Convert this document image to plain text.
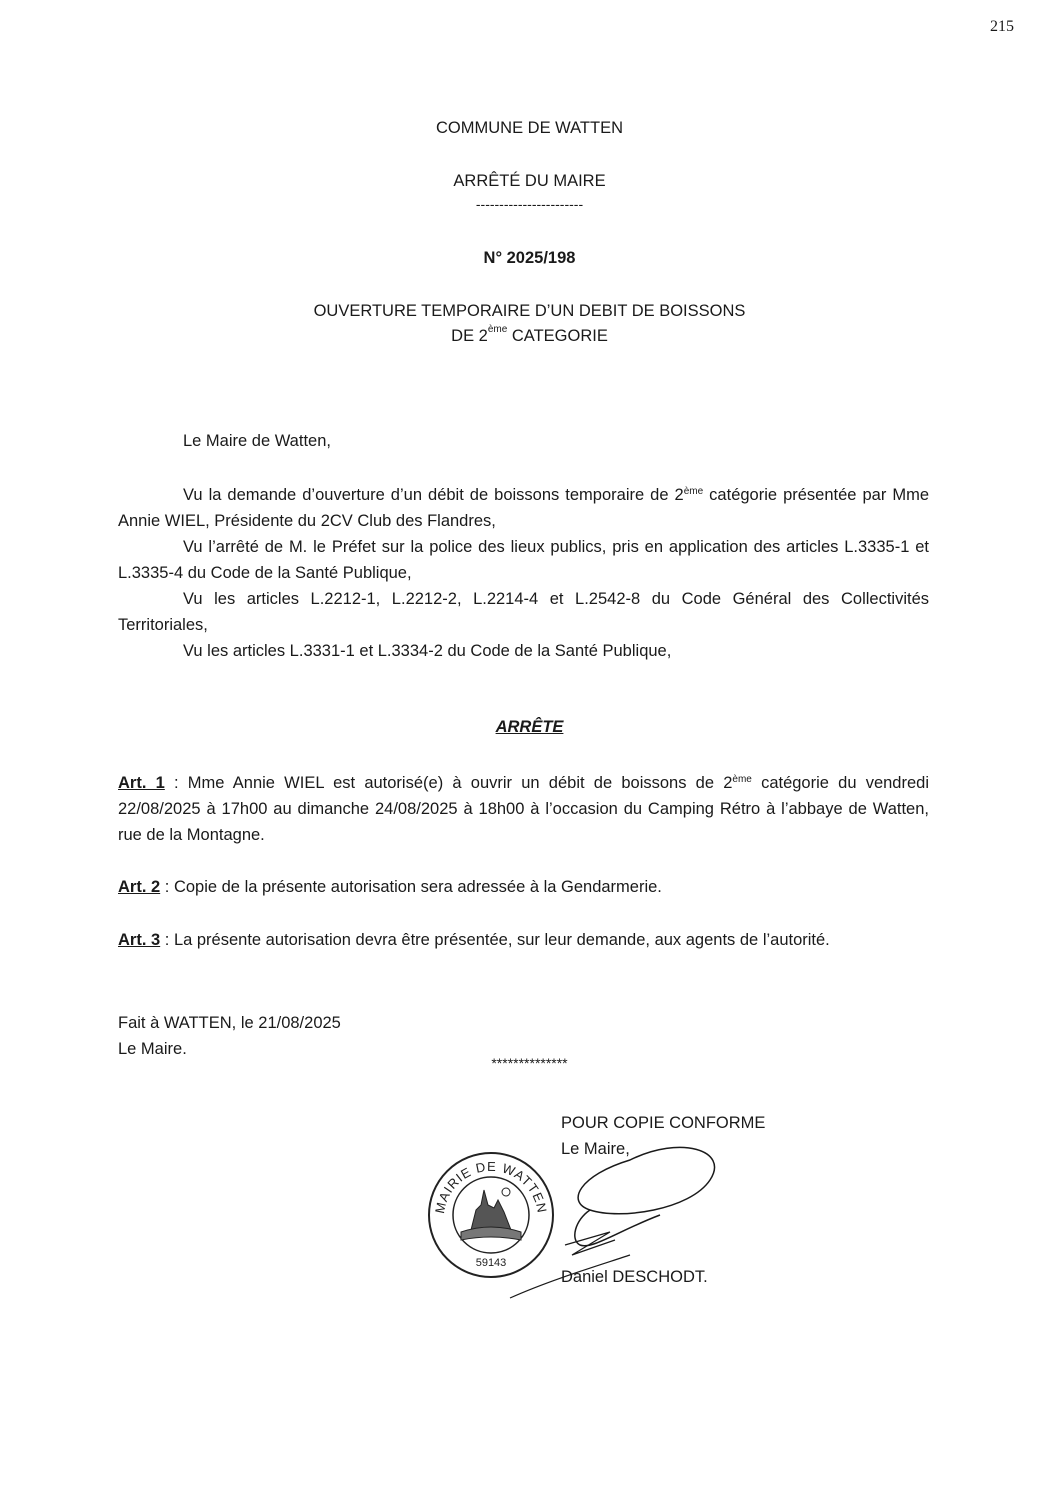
215
COMMUNE DE WATTEN
ARRÊTÉ DU MAIRE
-----------------------
N° 2025/198
OUVERTURE TEMPORAIRE D’UN DEBIT DE BOISSONS
DE 2ème CATEGORIE
Le Maire de Watten,
Vu la demande d’ouverture d’un débit de boissons temporaire de 2ème catégorie présentée par Mme Annie WIEL, Présidente du 2CV Club des Flandres,
Vu l’arrêté de M. le Préfet sur la police des lieux publics, pris en application des articles L.3335-1 et L.3335-4 du Code de la Santé Publique,
Vu les articles L.2212-1, L.2212-2, L.2214-4 et L.2542-8 du Code Général des Collectivités Territoriales,
Vu les articles L.3331-1 et L.3334-2 du Code de la Santé Publique,
ARRÊTE
Art. 1 : Mme Annie WIEL est autorisé(e) à ouvrir un débit de boissons de 2ème catégorie du vendredi 22/08/2025 à 17h00 au dimanche 24/08/2025 à 18h00 à l’occasion du Camping Rétro à l’abbaye de Watten, rue de la Montagne.
Art. 2 : Copie de la présente autorisation sera adressée à la Gendarmerie.
Art. 3 : La présente autorisation devra être présentée, sur leur demande, aux agents de l’autorité.
Fait à WATTEN, le 21/08/2025
Le Maire.
**************
POUR COPIE CONFORME
Le Maire,
MAIRIE DE WATTEN
59143
Daniel DESCHODT.
